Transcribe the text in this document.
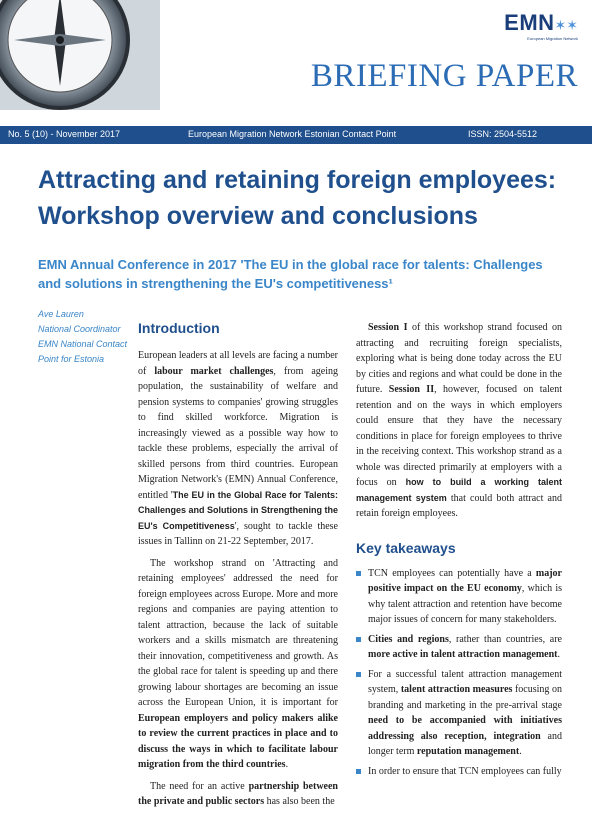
EMN✶✶
European Migration Network
BRIEFING PAPER
No. 5 (10) - November 2017	European Migration Network Estonian Contact Point	ISSN: 2504-5512
Attracting and retaining foreign employees:
Workshop overview and conclusions
EMN Annual Conference in 2017 'The EU in the global race for talents: Challenges and solutions in strengthening the EU's competitiveness¹
Ave Lauren
National Coordinator
EMN National Contact
Point for Estonia
Introduction

European leaders at all levels are facing a number of labour market challenges, from ageing population, the sustainability of welfare and pension systems to companies' growing struggles to find skilled workforce. Migration is increasingly viewed as a possible way how to tackle these problems, especially the arrival of skilled persons from third countries. European Migration Network's (EMN) Annual Conference, entitled 'The EU in the Global Race for Talents: Challenges and Solutions in Strengthening the EU's Competitiveness', sought to tackle these issues in Tallinn on 21-22 September, 2017.

The workshop strand on 'Attracting and retaining employees' addressed the need for foreign employees across Europe. More and more regions and companies are paying attention to talent attraction, because the lack of suitable workers and a skills mismatch are threatening their innovation, competitiveness and growth. As the global race for talent is speeding up and there growing labour shortages are becoming an issue across the European Union, it is important for European employers and policy makers alike to review the current practices in place and to discuss the ways in which to facilitate labour migration from the third countries.

The need for an active partnership between the private and public sectors has also been the

Session I of this workshop strand focused on attracting and recruiting foreign specialists, exploring what is being done today across the EU by cities and regions and what could be done in the future. Session II, however, focused on talent retention and on the ways in which employers could ensure that they have the necessary conditions in place for foreign employees to thrive in the receiving context. This workshop strand as a whole was directed primarily at employers with a focus on how to build a working talent management system that could both attract and retain foreign employees.

Key takeaways
TCN employees can potentially have a major positive impact on the EU economy, which is why talent attraction and retention have become major issues of concern for many stakeholders.
Cities and regions, rather than countries, are more active in talent attraction management.
For a successful talent attraction management system, talent attraction measures focusing on branding and marketing in the pre-arrival stage need to be accompanied with initiatives addressing also reception, integration and longer term reputation management.
In order to ensure that TCN employees can fully
